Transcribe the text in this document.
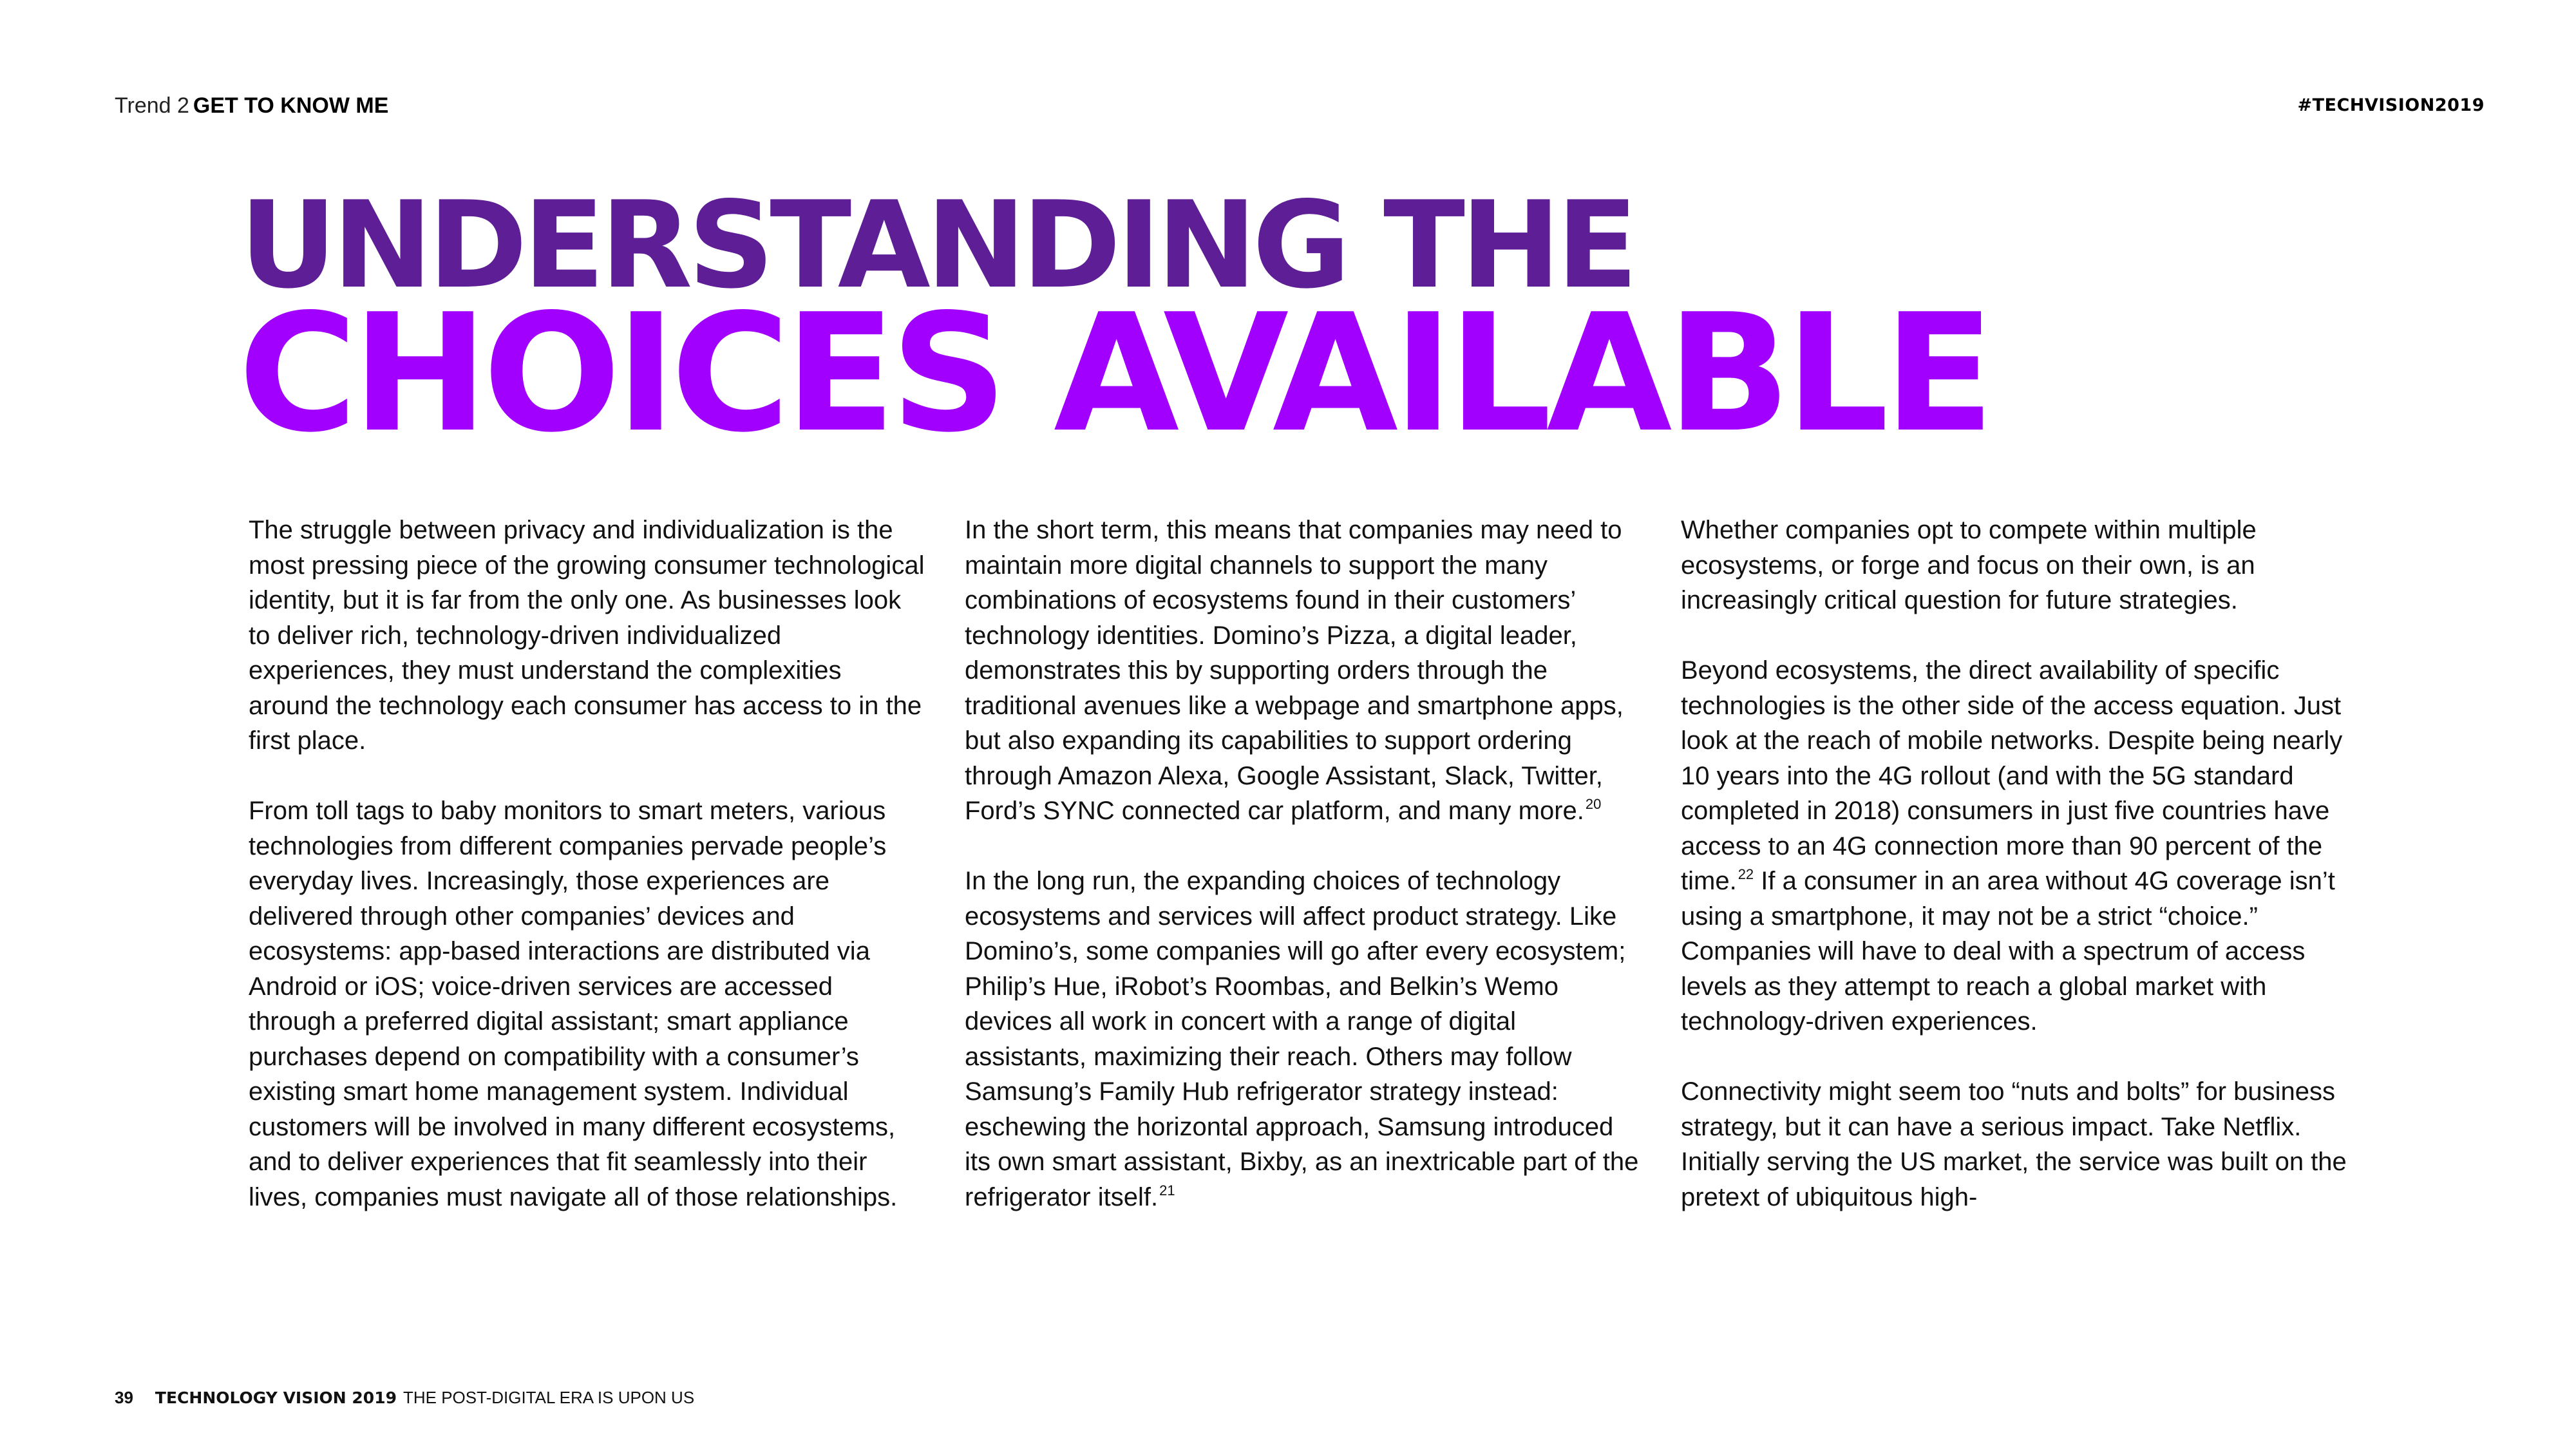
Trend 2 GET TO KNOW ME	#TECHVISION2019
UNDERSTANDING THE
CHOICES AVAILABLE

The struggle between privacy and individualization is the most pressing piece of the growing consumer technological identity, but it is far from the only one. As businesses look to deliver rich, technology-driven individualized experiences, they must understand the complexities around the technology each consumer has access to in the first place.

From toll tags to baby monitors to smart meters, various technologies from different companies pervade people’s everyday lives. Increasingly, those experiences are delivered through other companies’ devices and ecosystems: app-based interactions are distributed via Android or iOS; voice-driven services are accessed through a preferred digital assistant; smart appliance purchases depend on compatibility with a consumer’s existing smart home management system. Individual customers will be involved in many different ecosystems, and to deliver experiences that fit seamlessly into their lives, companies must navigate all of those relationships.

In the short term, this means that companies may need to maintain more digital channels to support the many combinations of ecosystems found in their customers’ technology identities. Domino’s Pizza, a digital leader, demonstrates this by supporting orders through the traditional avenues like a webpage and smartphone apps, but also expanding its capabilities to support ordering through Amazon Alexa, Google Assistant, Slack, Twitter, Ford’s SYNC connected car platform, and many more.$^{20}$

In the long run, the expanding choices of technology ecosystems and services will affect product strategy. Like Domino’s, some companies will go after every ecosystem; Philip’s Hue, iRobot’s Roombas, and Belkin’s Wemo devices all work in concert with a range of digital assistants, maximizing their reach. Others may follow Samsung’s Family Hub refrigerator strategy instead: eschewing the horizontal approach, Samsung introduced its own smart assistant, Bixby, as an inextricable part of the refrigerator itself.$^{21}$

Whether companies opt to compete within multiple ecosystems, or forge and focus on their own, is an increasingly critical question for future strategies.

Beyond ecosystems, the direct availability of specific technologies is the other side of the access equation. Just look at the reach of mobile networks. Despite being nearly 10 years into the 4G rollout (and with the 5G standard completed in 2018) consumers in just five countries have access to an 4G connection more than 90 percent of the time.$^{22}$ If a consumer in an area without 4G coverage isn’t using a smartphone, it may not be a strict “choice.” Companies will have to deal with a spectrum of access levels as they attempt to reach a global market with technology-driven experiences.

Connectivity might seem too “nuts and bolts” for business strategy, but it can have a serious impact. Take Netflix. Initially serving the US market, the service was built on the pretext of ubiquitous high-

39 TECHNOLOGY VISION 2019 THE POST-DIGITAL ERA IS UPON US
